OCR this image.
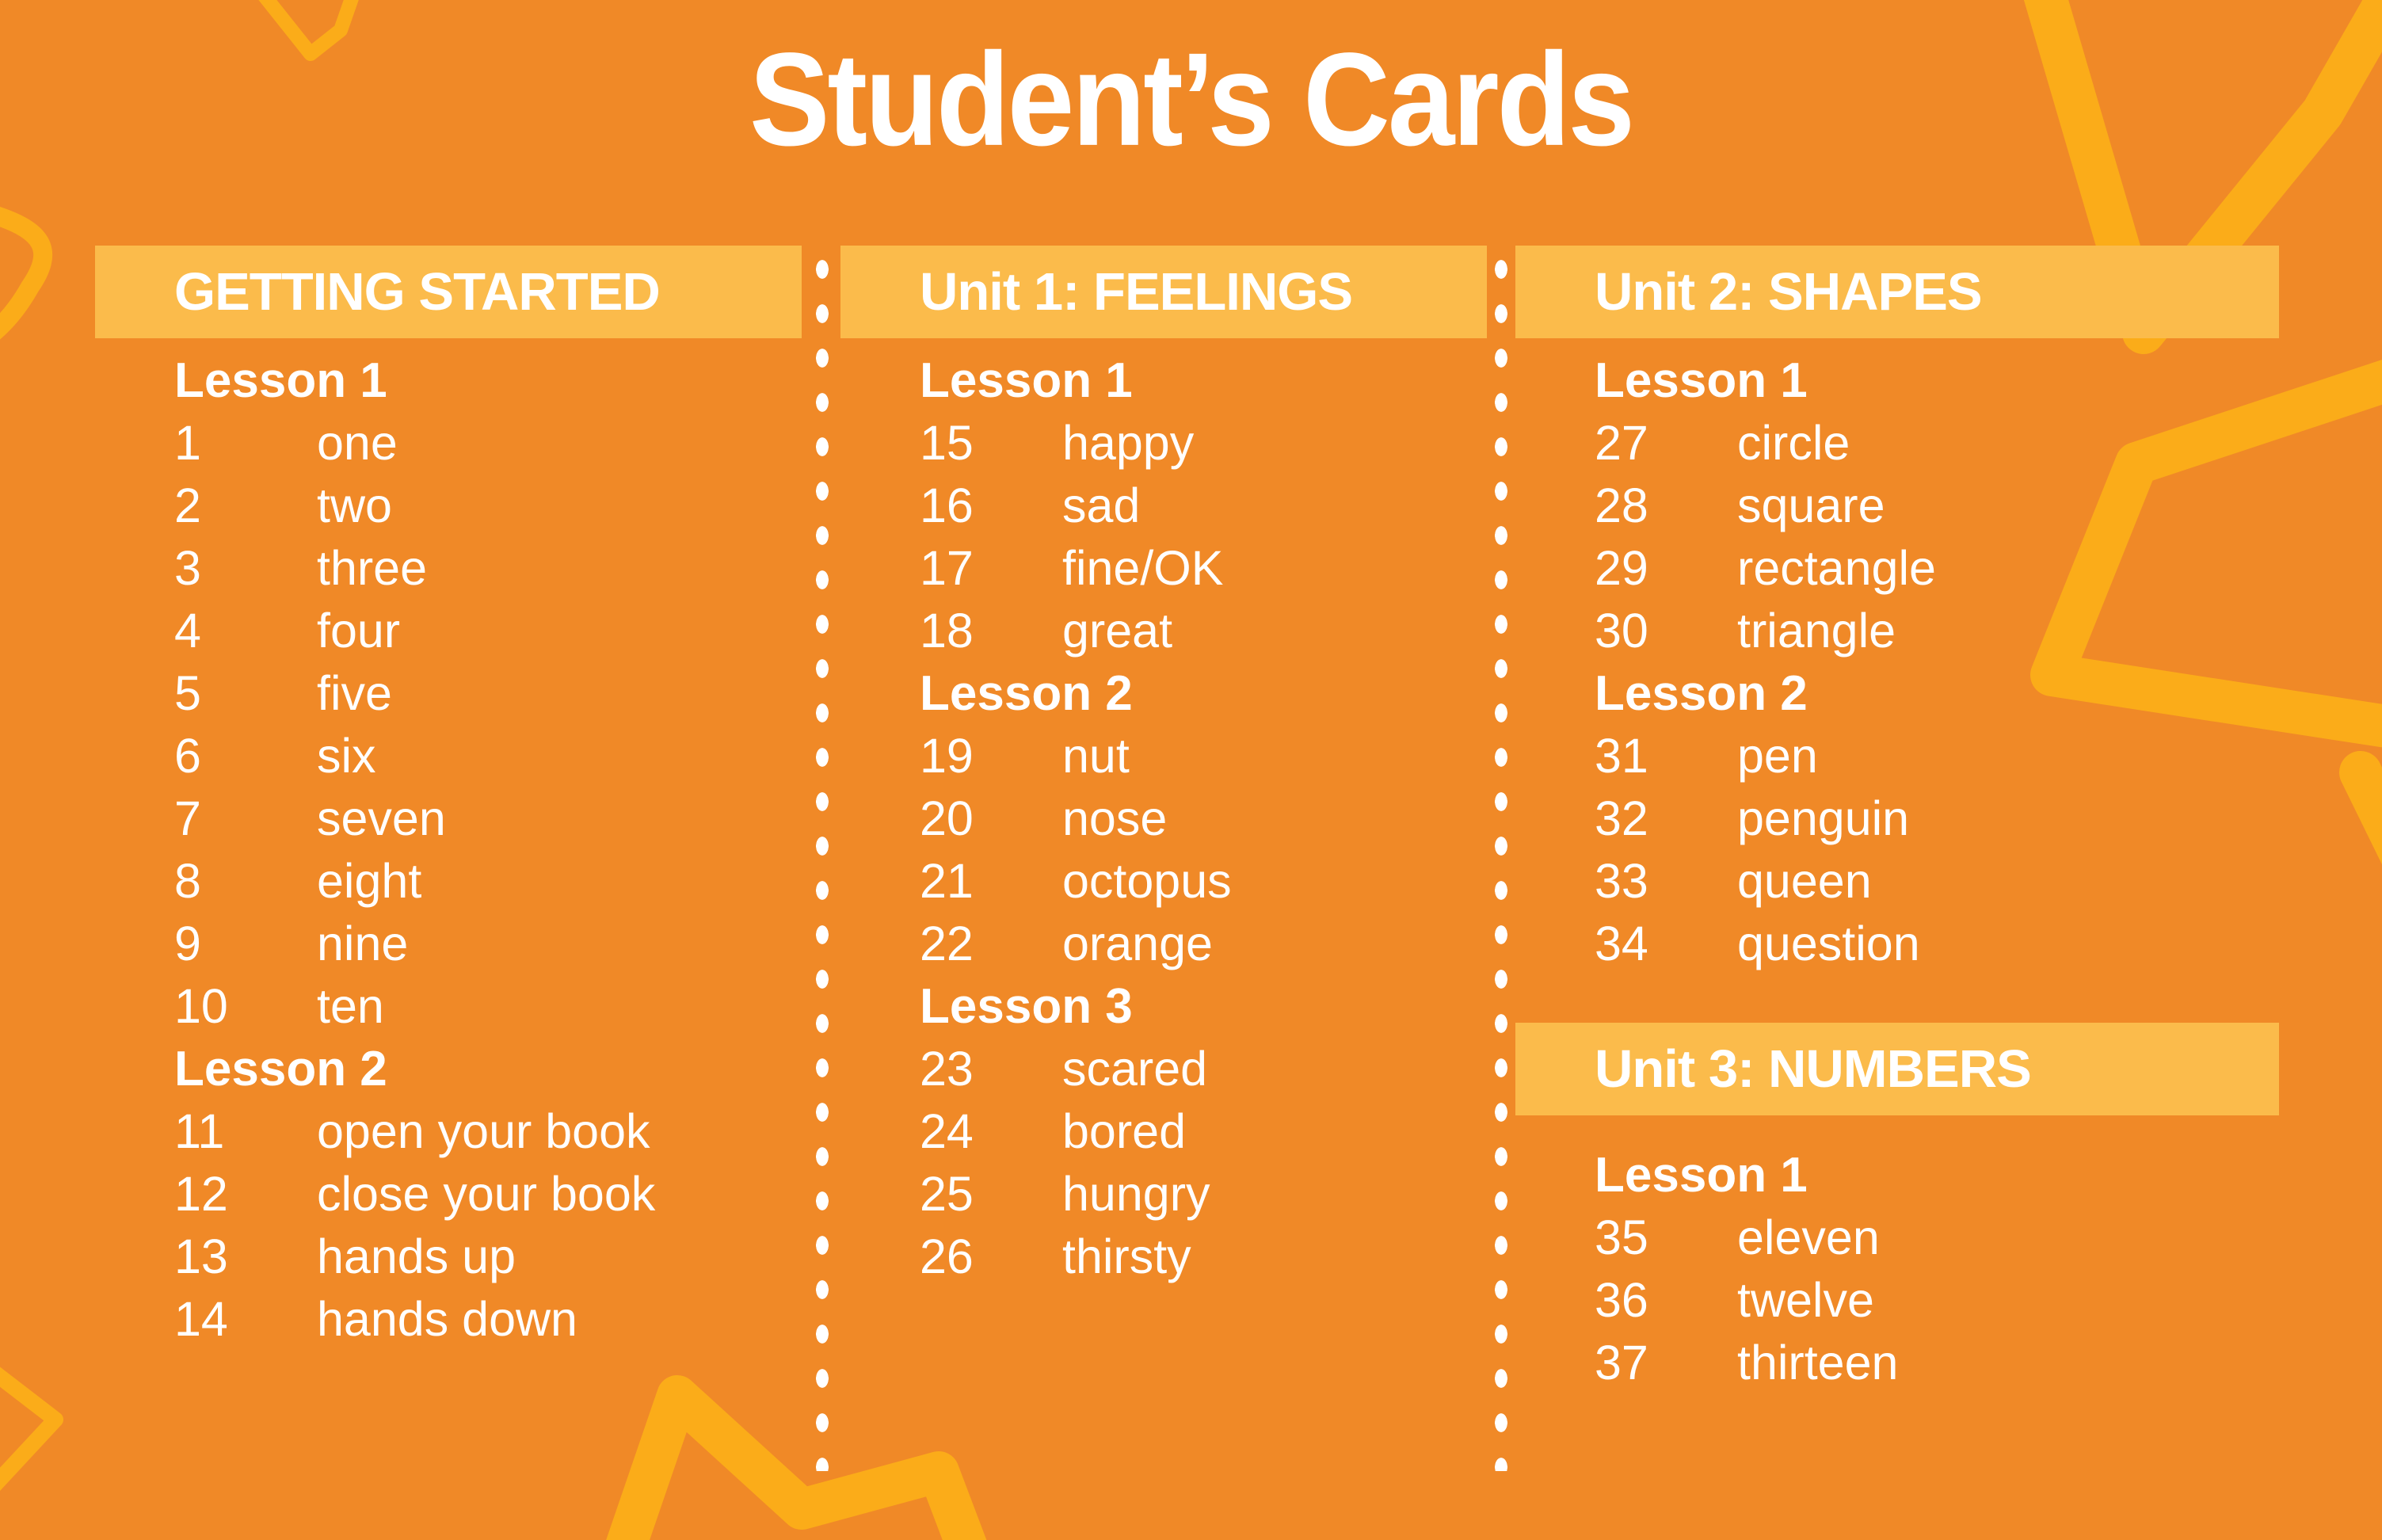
Student’s Cards
GETTING STARTED
Lesson 1
1 one
2 two
3 three
4 four
5 five
6 six
7 seven
8 eight
9 nine
10 ten
Lesson 2
11 open your book
12 close your book
13 hands up
14 hands down
Unit 1: FEELINGS
Lesson 1
15 happy
16 sad
17 fine/OK
18 great
Lesson 2
19 nut
20 nose
21 octopus
22 orange
Lesson 3
23 scared
24 bored
25 hungry
26 thirsty
Unit 2: SHAPES
Lesson 1
27 circle
28 square
29 rectangle
30 triangle
Lesson 2
31 pen
32 penguin
33 queen
34 question
Unit 3: NUMBERS
Lesson 1
35 eleven
36 twelve
37 thirteen
